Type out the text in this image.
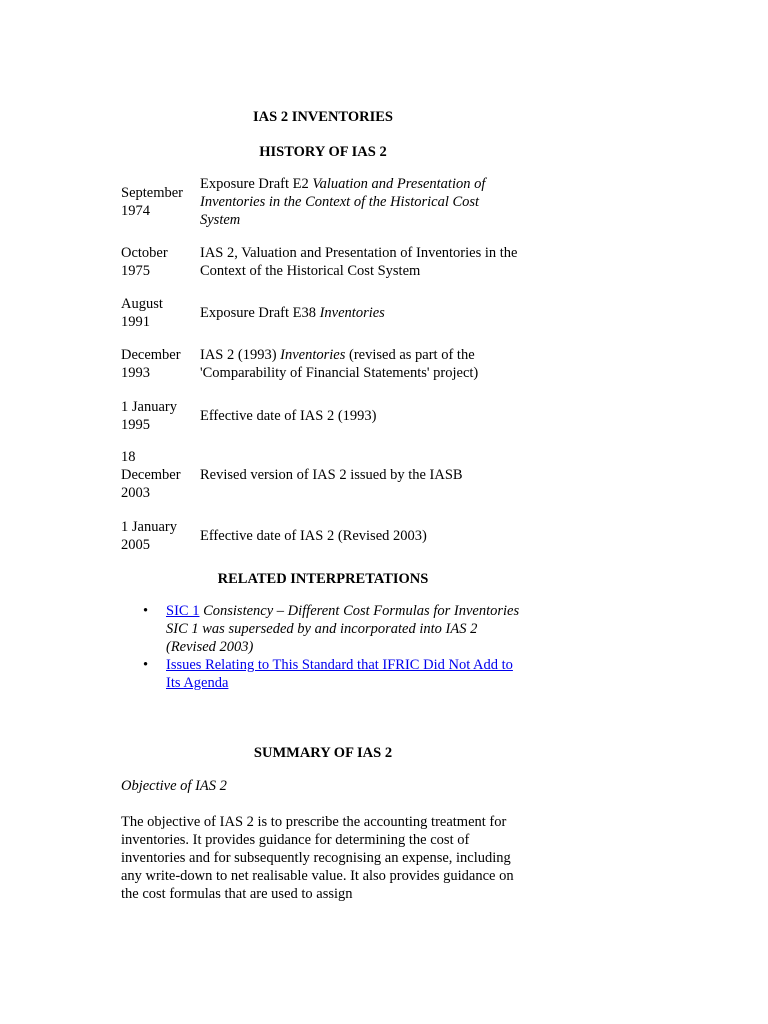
IAS 2 INVENTORIES
HISTORY OF IAS 2
September 1974
Exposure Draft E2 Valuation and Presentation of Inventories in the Context of the Historical Cost System
October 1975
IAS 2, Valuation and Presentation of Inventories in the Context of the Historical Cost System
August 1991
Exposure Draft E38 Inventories
December 1993
IAS 2 (1993) Inventories (revised as part of the 'Comparability of Financial Statements' project)
1 January 1995
Effective date of IAS 2 (1993)
18 December 2003
Revised version of IAS 2 issued by the IASB
1 January 2005
Effective date of IAS 2 (Revised 2003)
RELATED INTERPRETATIONS
• SIC 1 Consistency – Different Cost Formulas for Inventories
SIC 1 was superseded by and incorporated into IAS 2 (Revised 2003)
• Issues Relating to This Standard that IFRIC Did Not Add to Its Agenda
SUMMARY OF IAS 2

Objective of IAS 2

The objective of IAS 2 is to prescribe the accounting treatment for inventories. It provides guidance for determining the cost of inventories and for subsequently recognising an expense, including any write-down to net realisable value. It also provides guidance on the cost formulas that are used to assign
